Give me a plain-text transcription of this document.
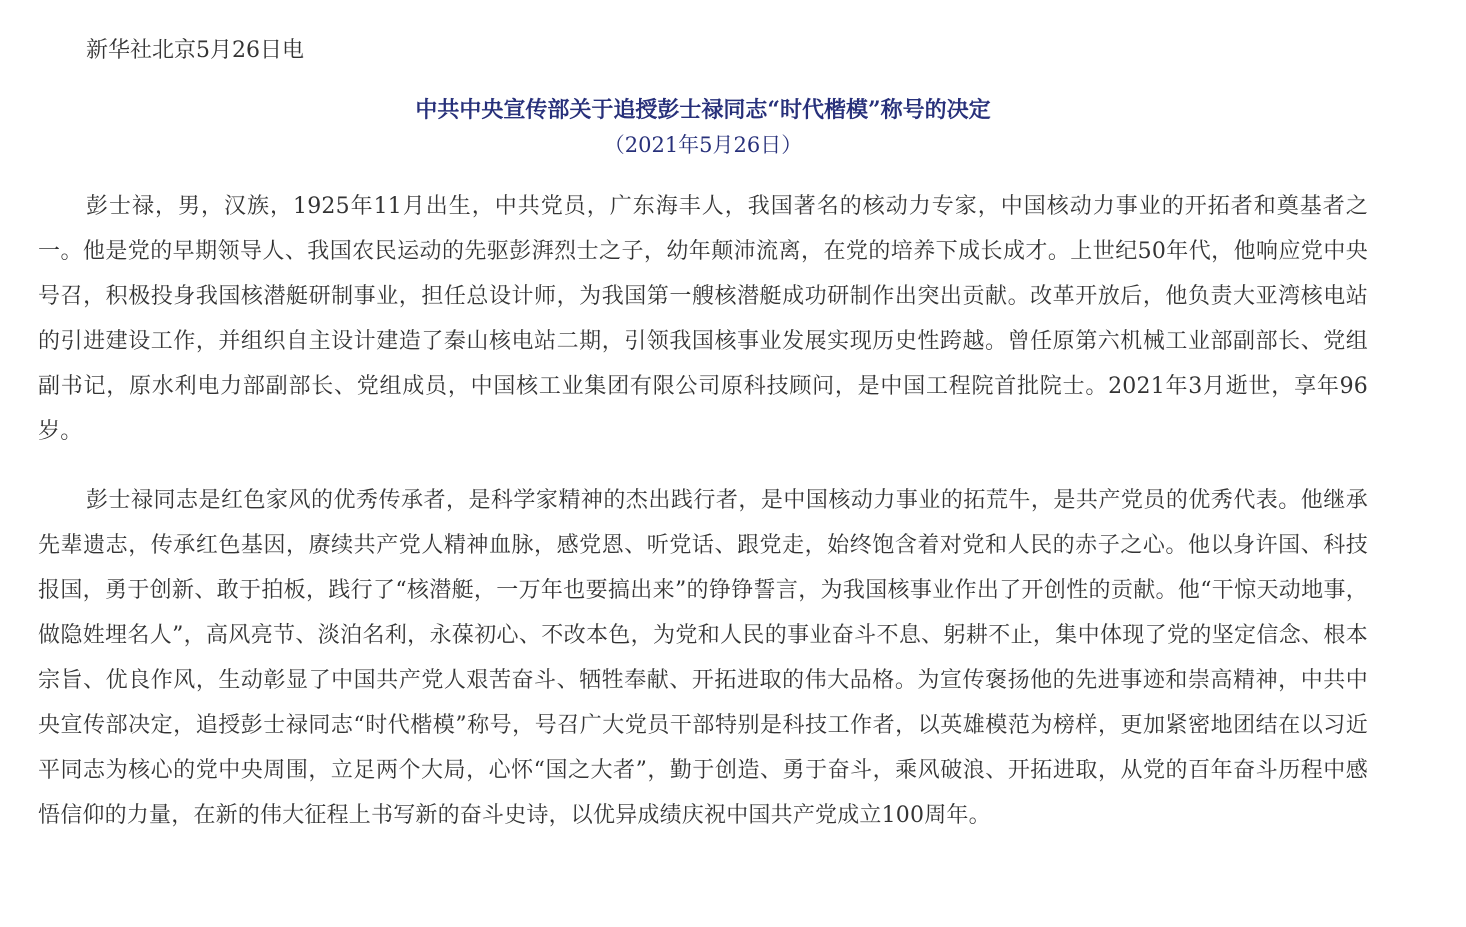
新华社北京5月26日电

中共中央宣传部关于追授彭士禄同志“时代楷模”称号的决定

（2021年5月26日）

彭士禄，男，汉族，1925年11月出生，中共党员，广东海丰人，我国著名的核动力专家，中国核动力事业的开拓者和奠基者之一。他是党的早期领导人、我国农民运动的先驱彭湃烈士之子，幼年颠沛流离，在党的培养下成长成才。上世纪50年代，他响应党中央号召，积极投身我国核潜艇研制事业，担任总设计师，为我国第一艘核潜艇成功研制作出突出贡献。改革开放后，他负责大亚湾核电站的引进建设工作，并组织自主设计建造了秦山核电站二期，引领我国核事业发展实现历史性跨越。曾任原第六机械工业部副部长、党组副书记，原水利电力部副部长、党组成员，中国核工业集团有限公司原科技顾问，是中国工程院首批院士。2021年3月逝世，享年96岁。

彭士禄同志是红色家风的优秀传承者，是科学家精神的杰出践行者，是中国核动力事业的拓荒牛，是共产党员的优秀代表。他继承先辈遗志，传承红色基因，赓续共产党人精神血脉，感党恩、听党话、跟党走，始终饱含着对党和人民的赤子之心。他以身许国、科技报国，勇于创新、敢于拍板，践行了“核潜艇，一万年也要搞出来”的铮铮誓言，为我国核事业作出了开创性的贡献。他“干惊天动地事，做隐姓埋名人”，高风亮节、淡泊名利，永葆初心、不改本色，为党和人民的事业奋斗不息、躬耕不止，集中体现了党的坚定信念、根本宗旨、优良作风，生动彰显了中国共产党人艰苦奋斗、牺牲奉献、开拓进取的伟大品格。为宣传褒扬他的先进事迹和崇高精神，中共中央宣传部决定，追授彭士禄同志“时代楷模”称号，号召广大党员干部特别是科技工作者，以英雄模范为榜样，更加紧密地团结在以习近平同志为核心的党中央周围，立足两个大局，心怀“国之大者”，勤于创造、勇于奋斗，乘风破浪、开拓进取，从党的百年奋斗历程中感悟信仰的力量，在新的伟大征程上书写新的奋斗史诗，以优异成绩庆祝中国共产党成立100周年。
